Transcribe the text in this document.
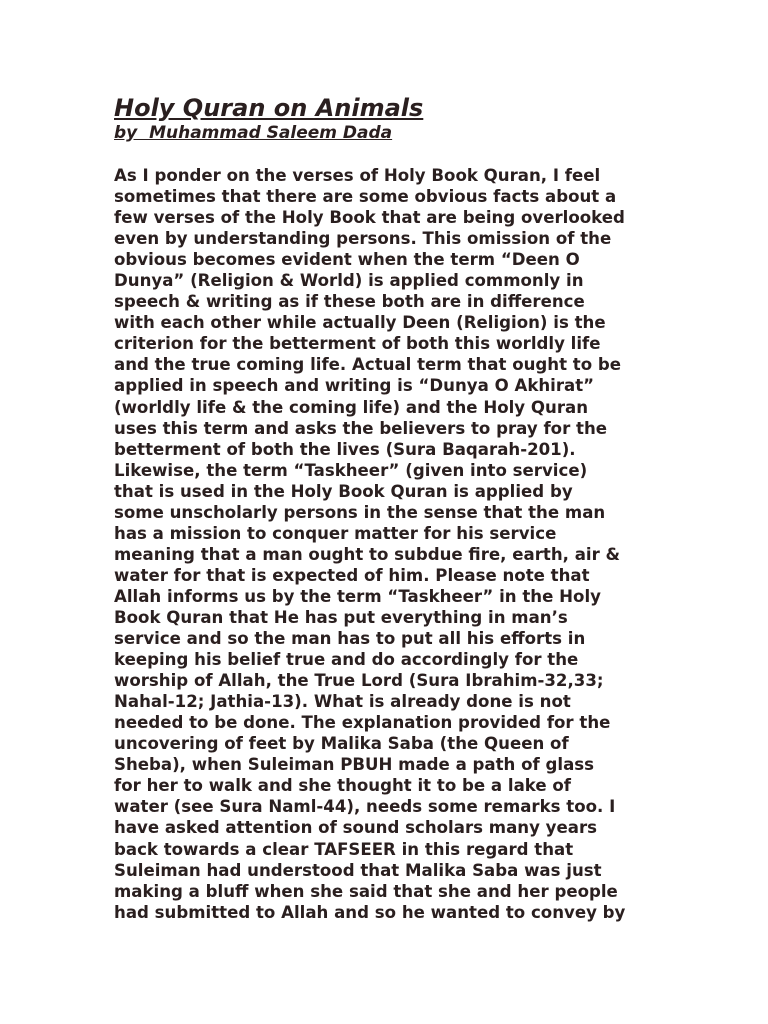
Holy Quran on Animals

by  Muhammad Saleem Dada

As I ponder on the verses of Holy Book Quran, I feel
sometimes that there are some obvious facts about a
few verses of the Holy Book that are being overlooked
even by understanding persons. This omission of the
obvious becomes evident when the term “Deen O
Dunya” (Religion & World) is applied commonly in
speech & writing as if these both are in difference
with each other while actually Deen (Religion) is the
criterion for the betterment of both this worldly life
and the true coming life. Actual term that ought to be
applied in speech and writing is “Dunya O Akhirat”
(worldly life & the coming life) and the Holy Quran
uses this term and asks the believers to pray for the
betterment of both the lives (Sura Baqarah-201).
Likewise, the term “Taskheer” (given into service)
that is used in the Holy Book Quran is applied by
some unscholarly persons in the sense that the man
has a mission to conquer matter for his service
meaning that a man ought to subdue fire, earth, air &
water for that is expected of him. Please note that
Allah informs us by the term “Taskheer” in the Holy
Book Quran that He has put everything in man’s
service and so the man has to put all his efforts in
keeping his belief true and do accordingly for the
worship of Allah, the True Lord (Sura Ibrahim-32,33;
Nahal-12; Jathia-13). What is already done is not
needed to be done. The explanation provided for the
uncovering of feet by Malika Saba (the Queen of
Sheba), when Suleiman PBUH made a path of glass
for her to walk and she thought it to be a lake of
water (see Sura Naml-44), needs some remarks too. I
have asked attention of sound scholars many years
back towards a clear TAFSEER in this regard that
Suleiman had understood that Malika Saba was just
making a bluff when she said that she and her people
had submitted to Allah and so he wanted to convey by
